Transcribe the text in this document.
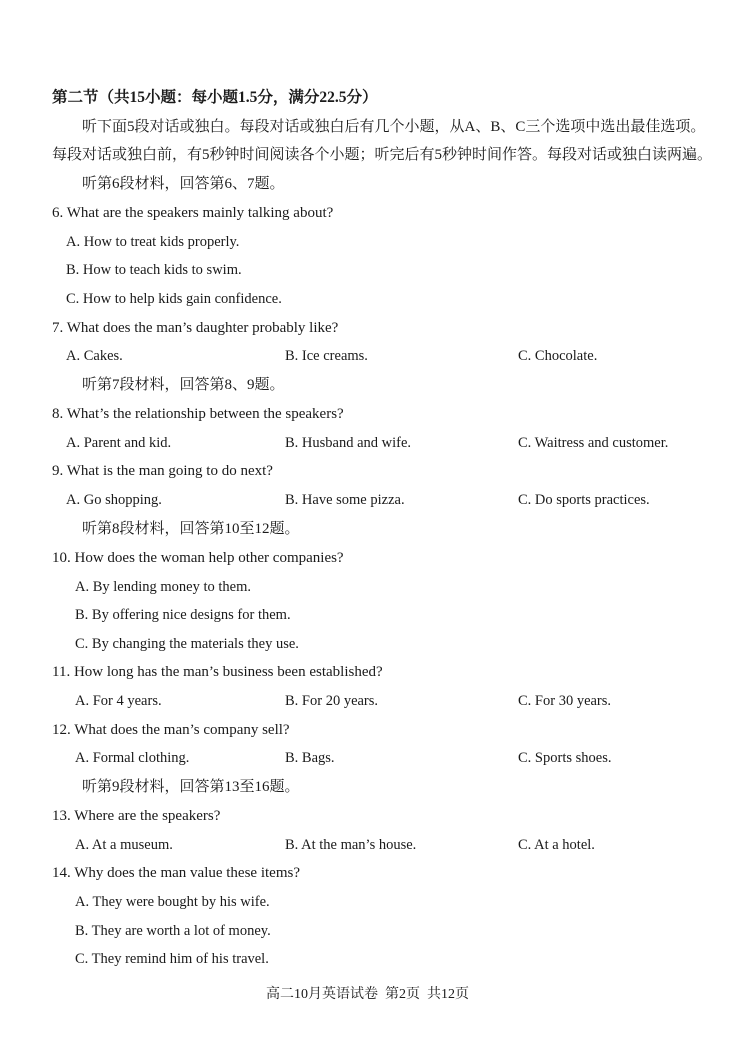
第二节（共15小题：每小题1.5分，满分22.5分）
听下面5段对话或独白。每段对话或独白后有几个小题，从A、B、C三个选项中选出最佳选项。
每段对话或独白前，有5秒钟时间阅读各个小题；听完后有5秒钟时间作答。每段对话或独白读两遍。
听第6段材料，回答第6、7题。
6. What are the speakers mainly talking about?
A. How to treat kids properly.
B. How to teach kids to swim.
C. How to help kids gain confidence.
7. What does the man’s daughter probably like?
A. Cakes.	B. Ice creams.	C. Chocolate.
听第7段材料，回答第8、9题。
8. What’s the relationship between the speakers?
A. Parent and kid.	B. Husband and wife.	C. Waitress and customer.
9. What is the man going to do next?
A. Go shopping.	B. Have some pizza.	C. Do sports practices.
听第8段材料，回答第10至12题。
10. How does the woman help other companies?
A. By lending money to them.
B. By offering nice designs for them.
C. By changing the materials they use.
11. How long has the man’s business been established?
A. For 4 years.	B. For 20 years.	C. For 30 years.
12. What does the man’s company sell?
A. Formal clothing.	B. Bags.	C. Sports shoes.
听第9段材料，回答第13至16题。
13. Where are the speakers?
A. At a museum.	B. At the man’s house.	C. At a hotel.
14. Why does the man value these items?
A. They were bought by his wife.
B. They are worth a lot of money.
C. They remind him of his travel.
高二10月英语试卷  第2页  共12页
